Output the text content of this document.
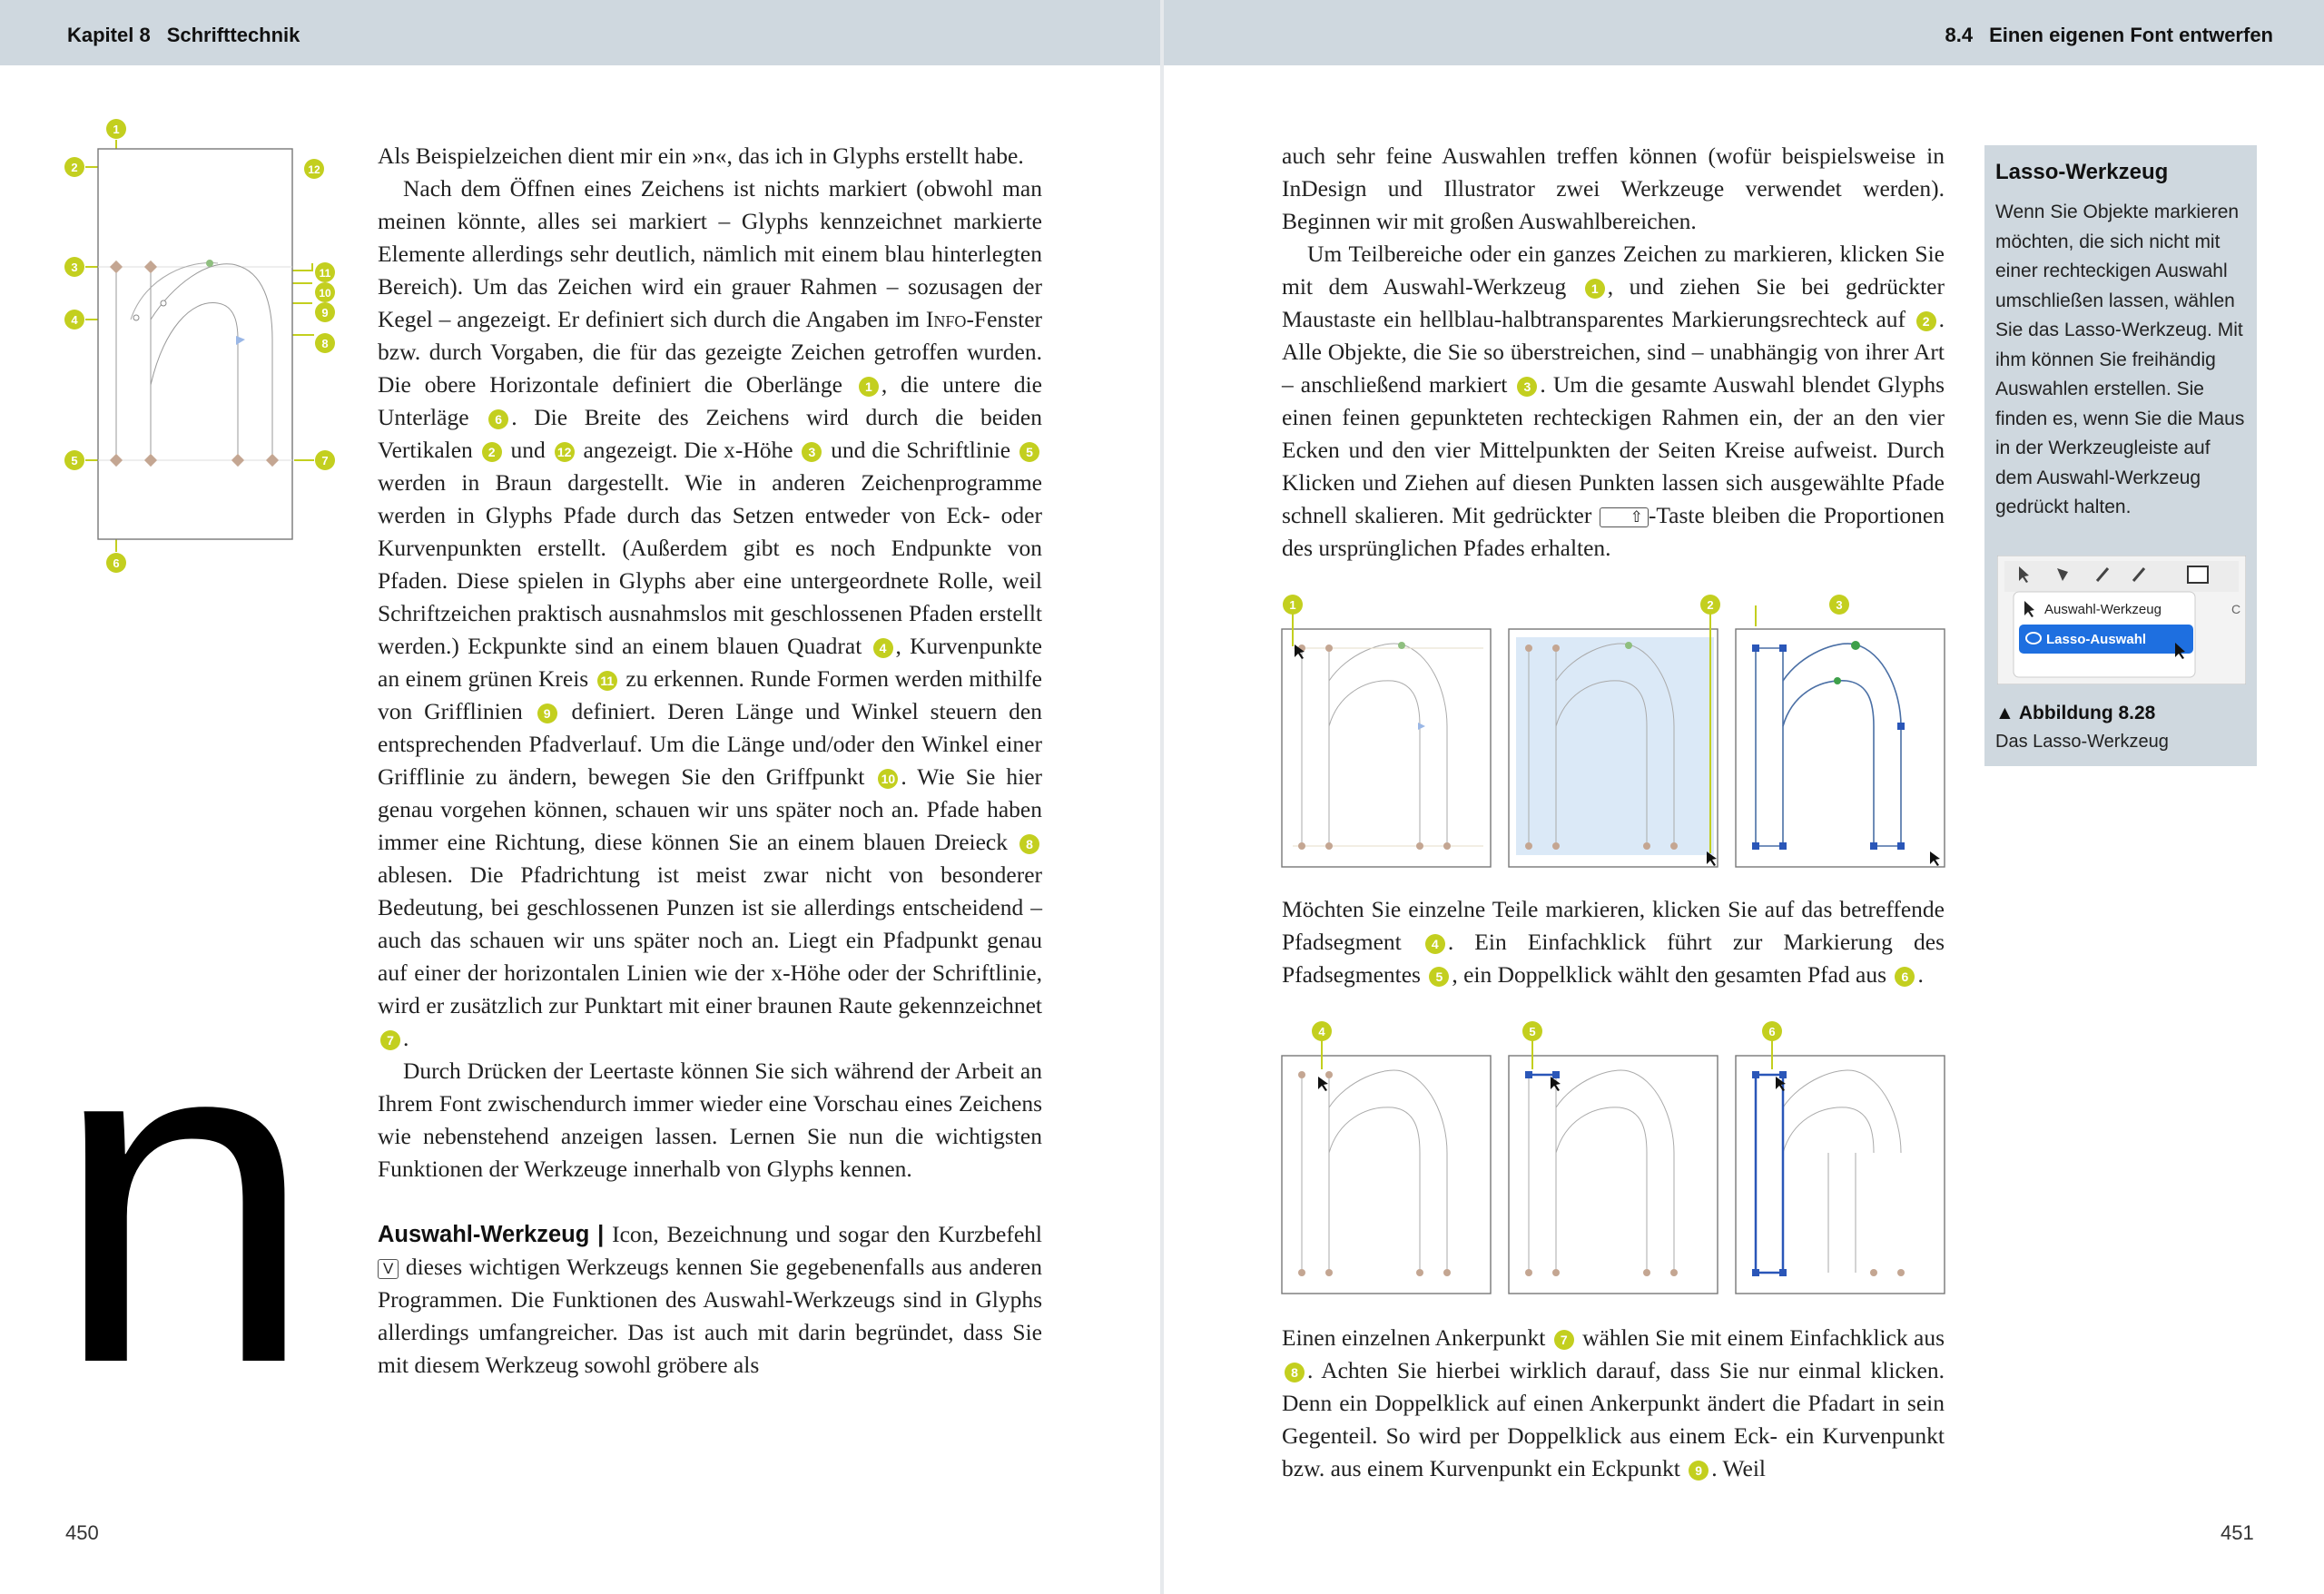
Kapitel 8 Schrifttechnik	8.4 Einen eigenen Font entwerfen
1
2
3
4
5
6
7
8
9
10
11
12
n

Als Beispielzeichen dient mir ein »n«, das ich in Glyphs erstellt habe.

Nach dem Öffnen eines Zeichens ist nichts markiert (obwohl man meinen könnte, alles sei markiert – Glyphs kennzeichnet markierte Elemente allerdings sehr deutlich, nämlich mit einem blau hinterlegten Bereich). Um das Zeichen wird ein grauer Rahmen – sozusagen der Kegel – angezeigt. Er definiert sich durch die Angaben im Info-Fenster bzw. durch Vorgaben, die für das gezeigte Zeichen getroffen wurden. Die obere Horizontale definiert die Oberlänge 1 , die untere die Unterläge 6 . Die Breite des Zeichens wird durch die beiden Vertikalen 2 und 12 angezeigt. Die x-Höhe 3 und die Schriftlinie 5 werden in Braun dargestellt. Wie in anderen Zeichenprogramme werden in Glyphs Pfade durch das Setzen entweder von Eck- oder Kurvenpunkten erstellt. (Außerdem gibt es noch Endpunkte von Pfaden. Diese spielen in Glyphs aber eine untergeordnete Rolle, weil Schriftzeichen praktisch ausnahmslos mit geschlossenen Pfaden erstellt werden.) Eckpunkte sind an einem blauen Quadrat 4 , Kurvenpunkte an einem grünen Kreis 11 zu erkennen. Runde Formen werden mithilfe von Grifflinien 9 definiert. Deren Länge und Winkel steuern den entsprechenden Pfadverlauf. Um die Länge und/oder den Winkel einer Grifflinie zu ändern, bewegen Sie den Griffpunkt 10 . Wie Sie hier genau vorgehen können, schauen wir uns später noch an. Pfade haben immer eine Richtung, diese können Sie an einem blauen Dreieck 8 ablesen. Die Pfadrichtung ist meist zwar nicht von besonderer Bedeutung, bei geschlossenen Punzen ist sie allerdings entscheidend – auch das schauen wir uns später noch an. Liegt ein Pfadpunkt genau auf einer der horizontalen Linien wie der x-Höhe oder der Schriftlinie, wird er zusätzlich zur Punktart mit einer braunen Raute gekennzeichnet 7 .

Durch Drücken der Leertaste können Sie sich während der Arbeit an Ihrem Font zwischendurch immer wieder eine Vorschau eines Zeichens wie nebenstehend anzeigen lassen. Lernen Sie nun die wichtigsten Funktionen der Werkzeuge innerhalb von Glyphs kennen.

Auswahl-Werkzeug | Icon, Bezeichnung und sogar den Kurzbefehl V dieses wichtigen Werkzeugs kennen Sie gegebenenfalls aus anderen Programmen. Die Funktionen des Auswahl-Werkzeugs sind in Glyphs allerdings umfangreicher. Das ist auch mit darin begründet, dass Sie mit diesem Werkzeug sowohl gröbere als

450

auch sehr feine Auswahlen treffen können (wofür beispielsweise in InDesign und Illustrator zwei Werkzeuge verwendet werden). Beginnen wir mit großen Auswahlbereichen.

Um Teilbereiche oder ein ganzes Zeichen zu markieren, klicken Sie mit dem Auswahl-Werkzeug 1 , und ziehen Sie bei gedrückter Maustaste ein hellblau-halbtransparentes Markierungsrechteck auf 2 . Alle Objekte, die Sie so überstreichen, sind – unabhängig von ihrer Art – anschließend markiert 3 . Um die gesamte Auswahl blendet Glyphs einen feinen gepunkteten rechteckigen Rahmen ein, der an den vier Ecken und den vier Mittelpunkten der Seiten Kreise aufweist. Durch Klicken und Ziehen auf diesen Punkten lassen sich ausgewählte Pfade schnell skalieren. Mit gedrückter ⇧ -Taste bleiben die Proportionen des ursprünglichen Pfades erhalten.

1	2	3

Möchten Sie einzelne Teile markieren, klicken Sie auf das betreffende Pfadsegment 4 . Ein Einfachklick führt zur Markierung des Pfadsegmentes 5 , ein Doppelklick wählt den gesamten Pfad aus 6 .

4	5	6

Einen einzelnen Ankerpunkt 7 wählen Sie mit einem Einfachklick aus 8 . Achten Sie hierbei wirklich darauf, dass Sie nur einmal klicken. Denn ein Doppelklick auf einen Ankerpunkt ändert die Pfadart in sein Gegenteil. So wird per Doppelklick aus einem Eck- ein Kurvenpunkt bzw. aus einem Kurvenpunkt ein Eckpunkt 9 . Weil

451
Lasso-Werkzeug
Wenn Sie Objekte markieren möchten, die sich nicht mit einer rechteckigen Auswahl umschließen lassen, wählen Sie das Lasso-Werkzeug. Mit ihm können Sie freihändig Auswahlen erstellen. Sie finden es, wenn Sie die Maus in der Werkzeugleiste auf dem Auswahl-Werkzeug gedrückt halten.
Auswahl-Werkzeug
Lasso-Auswahl
C
▲ Abbildung 8.28
Das Lasso-Werkzeug
